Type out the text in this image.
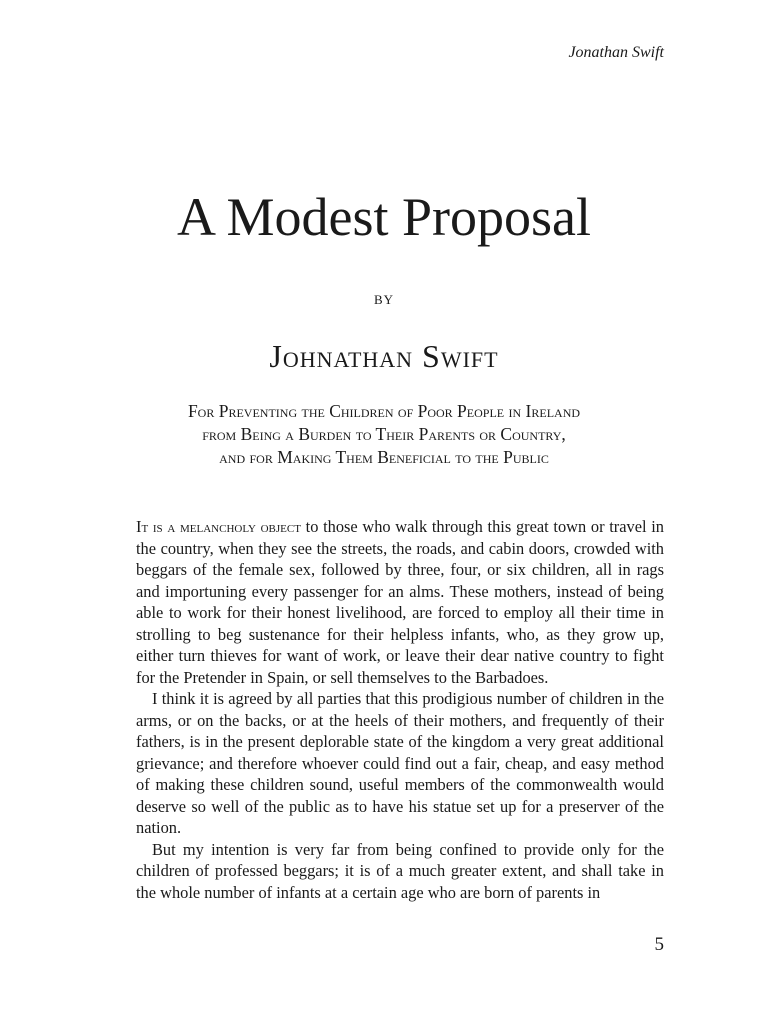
Jonathan Swift

A Modest Proposal

by

Johnathan Swift

For Preventing the Children of Poor People in Ireland
from Being a Burden to Their Parents or Country,
and for Making Them Beneficial to the Public

It is a melancholy object to those who walk through this great town or travel in the country, when they see the streets, the roads, and cabin doors, crowded with beggars of the female sex, followed by three, four, or six children, all in rags and importuning every passenger for an alms. These mothers, instead of being able to work for their honest livelihood, are forced to employ all their time in strolling to beg sustenance for their helpless infants, who, as they grow up, either turn thieves for want of work, or leave their dear native country to fight for the Pretender in Spain, or sell themselves to the Barbadoes.

I think it is agreed by all parties that this prodigious number of children in the arms, or on the backs, or at the heels of their mothers, and frequently of their fathers, is in the present deplorable state of the kingdom a very great additional grievance; and therefore whoever could find out a fair, cheap, and easy method of making these children sound, useful members of the commonwealth would deserve so well of the public as to have his statue set up for a preserver of the nation.

But my intention is very far from being confined to provide only for the children of professed beggars; it is of a much greater extent, and shall take in the whole number of infants at a certain age who are born of parents in

5
